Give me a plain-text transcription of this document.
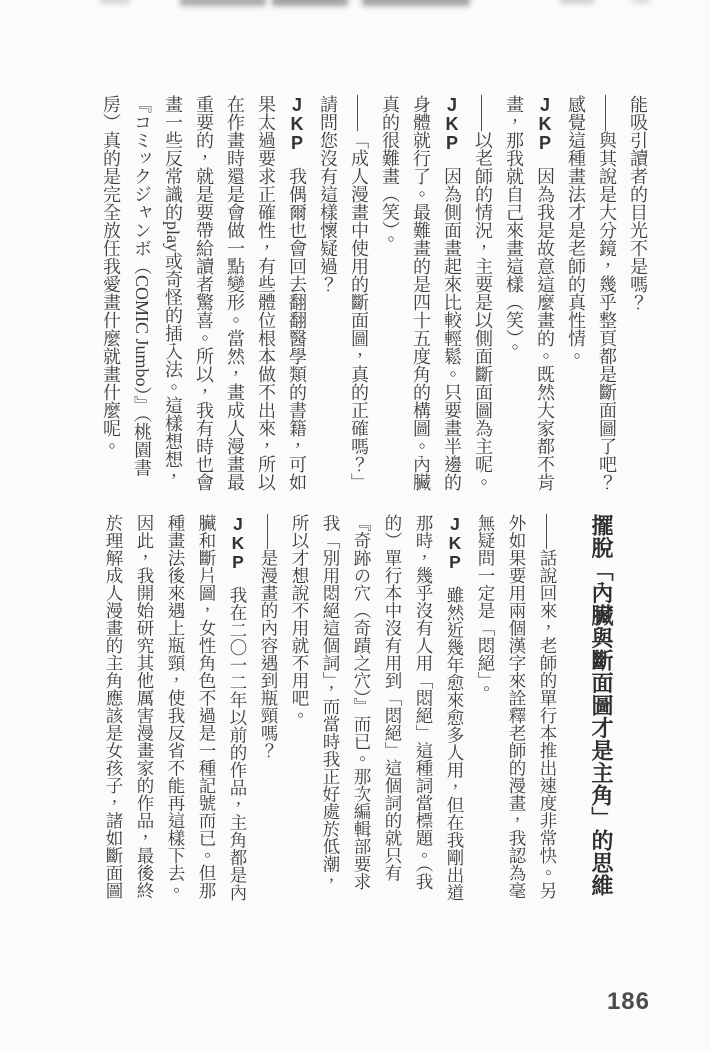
能吸引讀者的目光不是嗎？

——與其說是大分鏡，幾乎整頁都是斷面圖了吧？感覺這種畫法才是老師的真性情。

JKP因為我是故意這麼畫的。既然大家都不肯畫，那我就自己來畫這樣（笑）。

——以老師的情況，主要是以側面斷面圖為主呢。

JKP因為側面畫起來比較輕鬆。只要畫半邊的身體就行了。最難畫的是四十五度角的構圖。內臟真的很難畫（笑）。

——「成人漫畫中使用的斷面圖，真的正確嗎？」請問您沒有這樣懷疑過？

JKP我偶爾也會回去翻翻醫學類的書籍，可如果太過要求正確性，有些體位根本做不出來，所以在作畫時還是會做一點變形。當然，畫成人漫畫最重要的，就是要帶給讀者驚喜。所以，我有時也會畫一些反常識的play或奇怪的插入法。這樣想想，『コミックジャンボ（COMIC Jumbo）』（桃園書房）真的是完全放任我愛畫什麼就畫什麼呢。

擺脫「內臟與斷面圖才是主角」的思維

——話說回來，老師的單行本推出速度非常快。另外如果要用兩個漢字來詮釋老師的漫畫，我認為毫無疑問一定是「悶絕」。

JKP雖然近幾年愈來愈多人用，但在我剛出道那時，幾乎沒有人用「悶絕」這種詞當標題。（我的）單行本中沒有用到「悶絕」這個詞的就只有『奇跡の穴（奇蹟之穴）』而已。那次編輯部要求我「別用悶絕這個詞」，而當時我正好處於低潮，所以才想說不用就不用吧。

——是漫畫的內容遇到瓶頸嗎？

JKP我在二〇一二年以前的作品，主角都是內臟和斷片圖，女性角色不過是一種記號而已。但那種畫法後來遇上瓶頸，使我反省不能再這樣下去。因此，我開始研究其他厲害漫畫家的作品，最後終於理解成人漫畫的主角應該是女孩子，諸如斷面圖

186
